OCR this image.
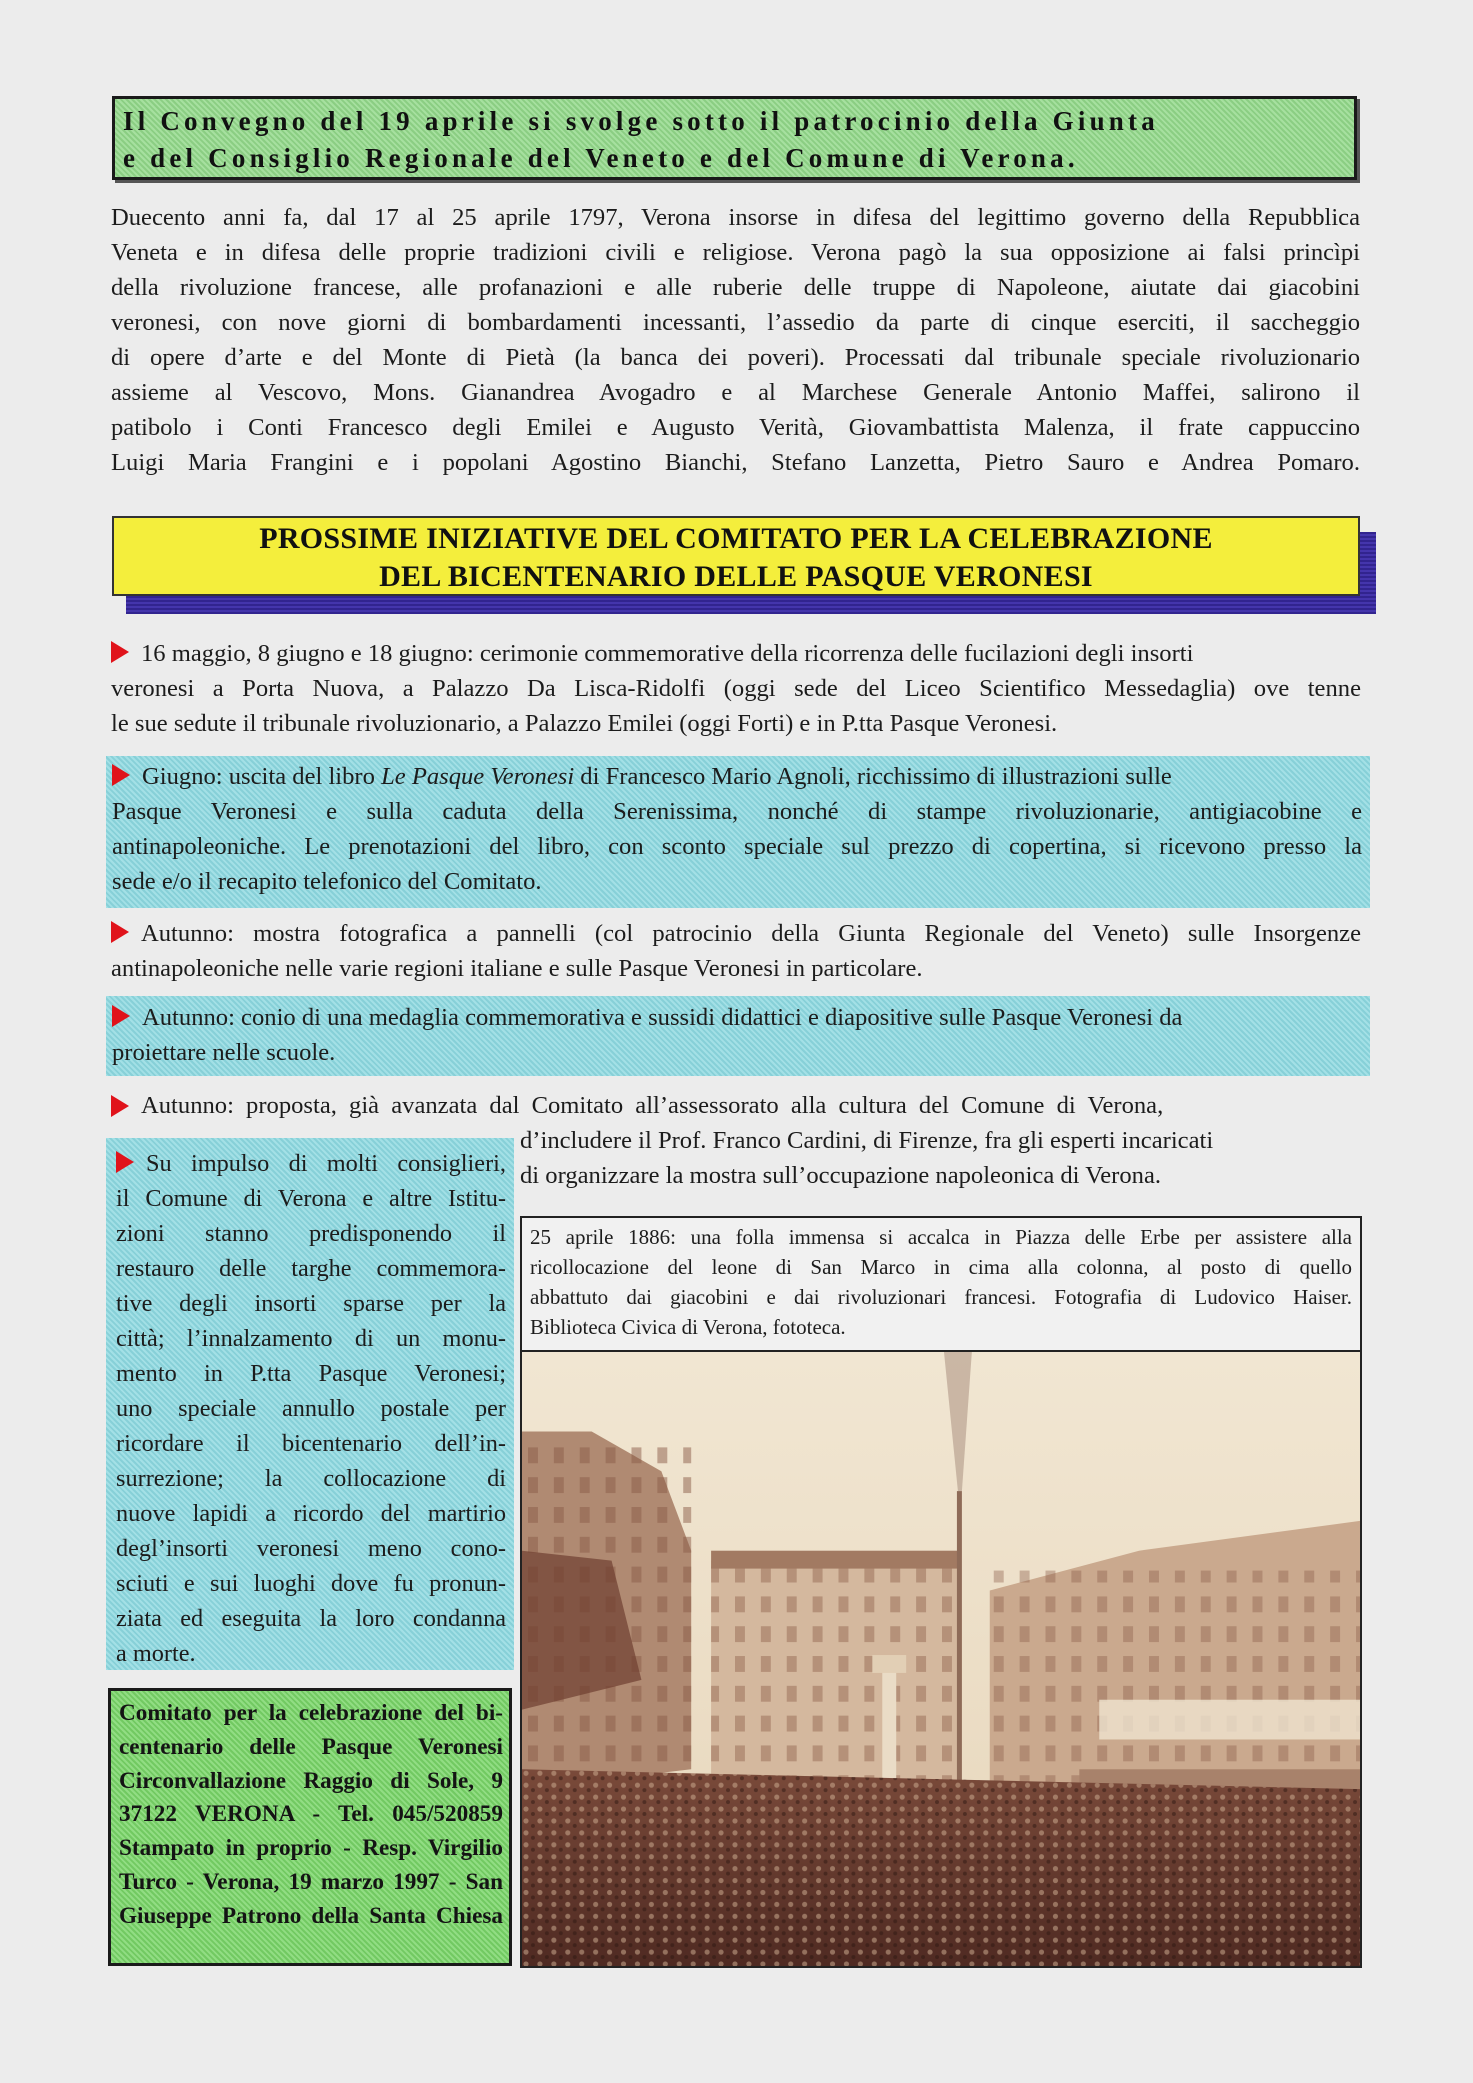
Il Convegno del 19 aprile si svolge sotto il patrocinio della Giunta
e del Consiglio Regionale del Veneto e del Comune di Verona.
Duecento anni fa, dal 17 al 25 aprile 1797, Verona insorse in difesa del legittimo governo della Repubblica
Veneta e in difesa delle proprie tradizioni civili e religiose. Verona pagò la sua opposizione ai falsi princìpi
della rivoluzione francese, alle profanazioni e alle ruberie delle truppe di Napoleone, aiutate dai giacobini
veronesi, con nove giorni di bombardamenti incessanti, l’assedio da parte di cinque eserciti, il saccheggio
di opere d’arte e del Monte di Pietà (la banca dei poveri). Processati dal tribunale speciale rivoluzionario
assieme al Vescovo, Mons. Gianandrea Avogadro e al Marchese Generale Antonio Maffei, salirono il
patibolo i Conti Francesco degli Emilei e Augusto Verità, Giovambattista Malenza, il frate cappuccino
Luigi Maria Frangini e i popolani Agostino Bianchi, Stefano Lanzetta, Pietro Sauro e Andrea Pomaro.
PROSSIME INIZIATIVE DEL COMITATO PER LA CELEBRAZIONE
DEL BICENTENARIO DELLE PASQUE VERONESI
16 maggio, 8 giugno e 18 giugno: cerimonie commemorative della ricorrenza delle fucilazioni degli insorti
veronesi a Porta Nuova, a Palazzo Da Lisca-Ridolfi (oggi sede del Liceo Scientifico Messedaglia) ove tenne
le sue sedute il tribunale rivoluzionario, a Palazzo Emilei (oggi Forti) e in P.tta Pasque Veronesi.
Giugno: uscita del libro Le Pasque Veronesi di Francesco Mario Agnoli, ricchissimo di illustrazioni sulle
Pasque Veronesi e sulla caduta della Serenissima, nonché di stampe rivoluzionarie, antigiacobine e
antinapoleoniche. Le prenotazioni del libro, con sconto speciale sul prezzo di copertina, si ricevono presso la
sede e/o il recapito telefonico del Comitato.
Autunno: mostra fotografica a pannelli (col patrocinio della Giunta Regionale del Veneto) sulle Insorgenze
antinapoleoniche nelle varie regioni italiane e sulle Pasque Veronesi in particolare.
Autunno: conio di una medaglia commemorativa e sussidi didattici e diapositive sulle Pasque Veronesi da
proiettare nelle scuole.
Autunno: proposta, già avanzata dal Comitato all’assessorato alla cultura del Comune di Verona,
d’includere il Prof. Franco Cardini, di Firenze, fra gli esperti incaricati
di organizzare la mostra sull’occupazione napoleonica di Verona.
Su impulso di molti consiglieri,
il Comune di Verona e altre Istitu-
zioni stanno predisponendo il
restauro delle targhe commemora-
tive degli insorti sparse per la
città; l’innalzamento di un monu-
mento in P.tta Pasque Veronesi;
uno speciale annullo postale per
ricordare il bicentenario dell’in-
surrezione; la collocazione di
nuove lapidi a ricordo del martirio
degl’insorti veronesi meno cono-
sciuti e sui luoghi dove fu pronun-
ziata ed eseguita la loro condanna
a morte.
Comitato per la celebrazione del bi-
centenario delle Pasque Veronesi
Circonvallazione Raggio di Sole, 9
37122 VERONA - Tel. 045/520859
Stampato in proprio - Resp. Virgilio
Turco - Verona, 19 marzo 1997 - San
Giuseppe Patrono della Santa Chiesa
25 aprile 1886: una folla immensa si accalca in Piazza delle Erbe per assistere alla
ricollocazione del leone di San Marco in cima alla colonna, al posto di quello
abbattuto dai giacobini e dai rivoluzionari francesi. Fotografia di Ludovico Haiser.
Biblioteca Civica di Verona, fototeca.
